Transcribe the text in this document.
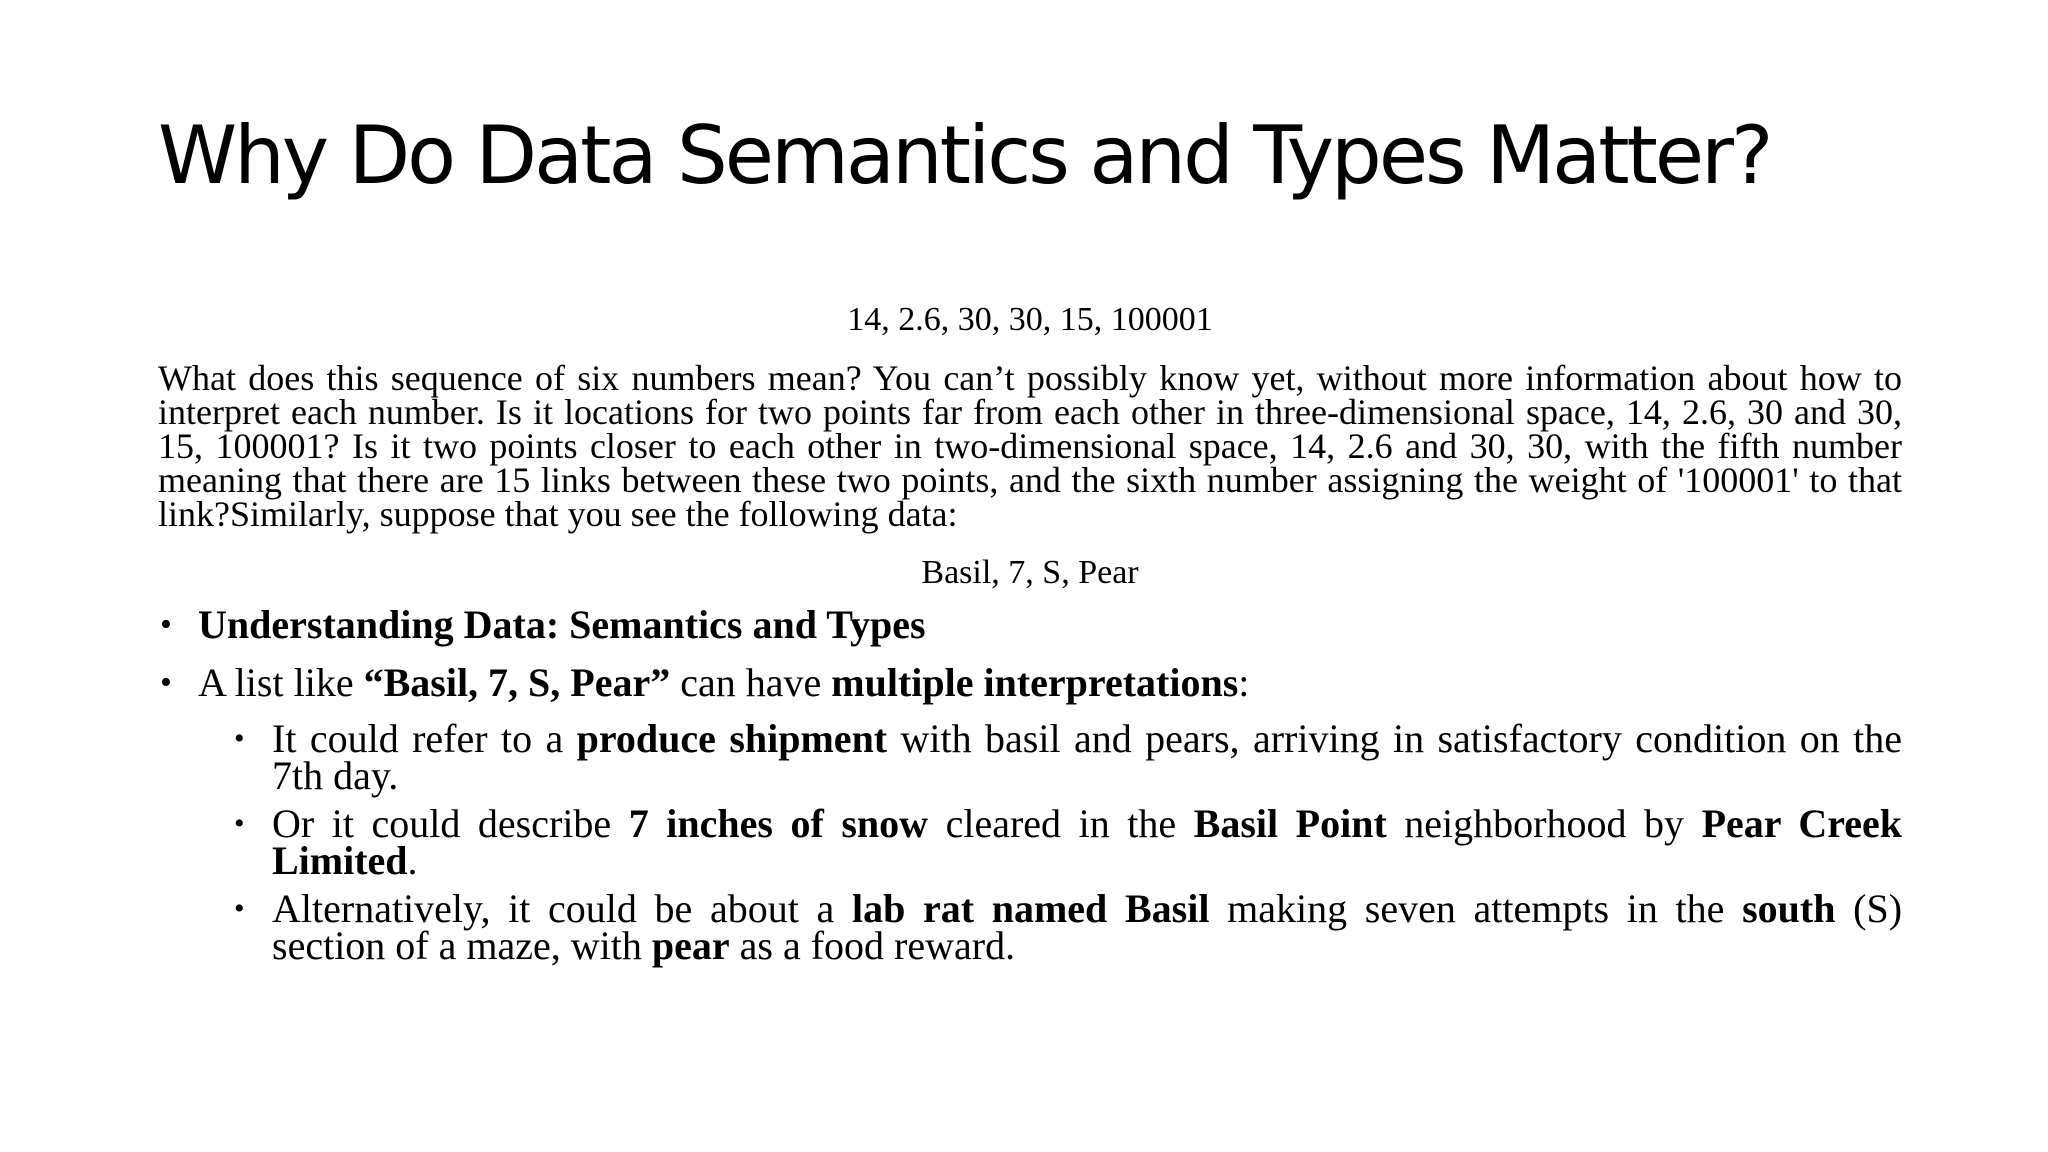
Why Do Data Semantics and Types Matter?
14, 2.6, 30, 30, 15, 100001

What does this sequence of six numbers mean? You can’t possibly know yet, without more information about how to interpret each number. Is it locations for two points far from each other in three-dimensional space, 14, 2.6, 30 and 30, 15, 100001? Is it two points closer to each other in two-dimensional space, 14, 2.6 and 30, 30, with the fifth number meaning that there are 15 links between these two points, and the sixth number assigning the weight of '100001' to that link?Similarly, suppose that you see the following data:

Basil, 7, S, Pear
• Understanding Data: Semantics and Types
• A list like “Basil, 7, S, Pear” can have multiple interpretations:
• It could refer to a produce shipment with basil and pears, arriving in satisfactory condition on the 7th day.
• Or it could describe 7 inches of snow cleared in the Basil Point neighborhood by Pear Creek Limited.
• Alternatively, it could be about a lab rat named Basil making seven attempts in the south (S) section of a maze, with pear as a food reward.
